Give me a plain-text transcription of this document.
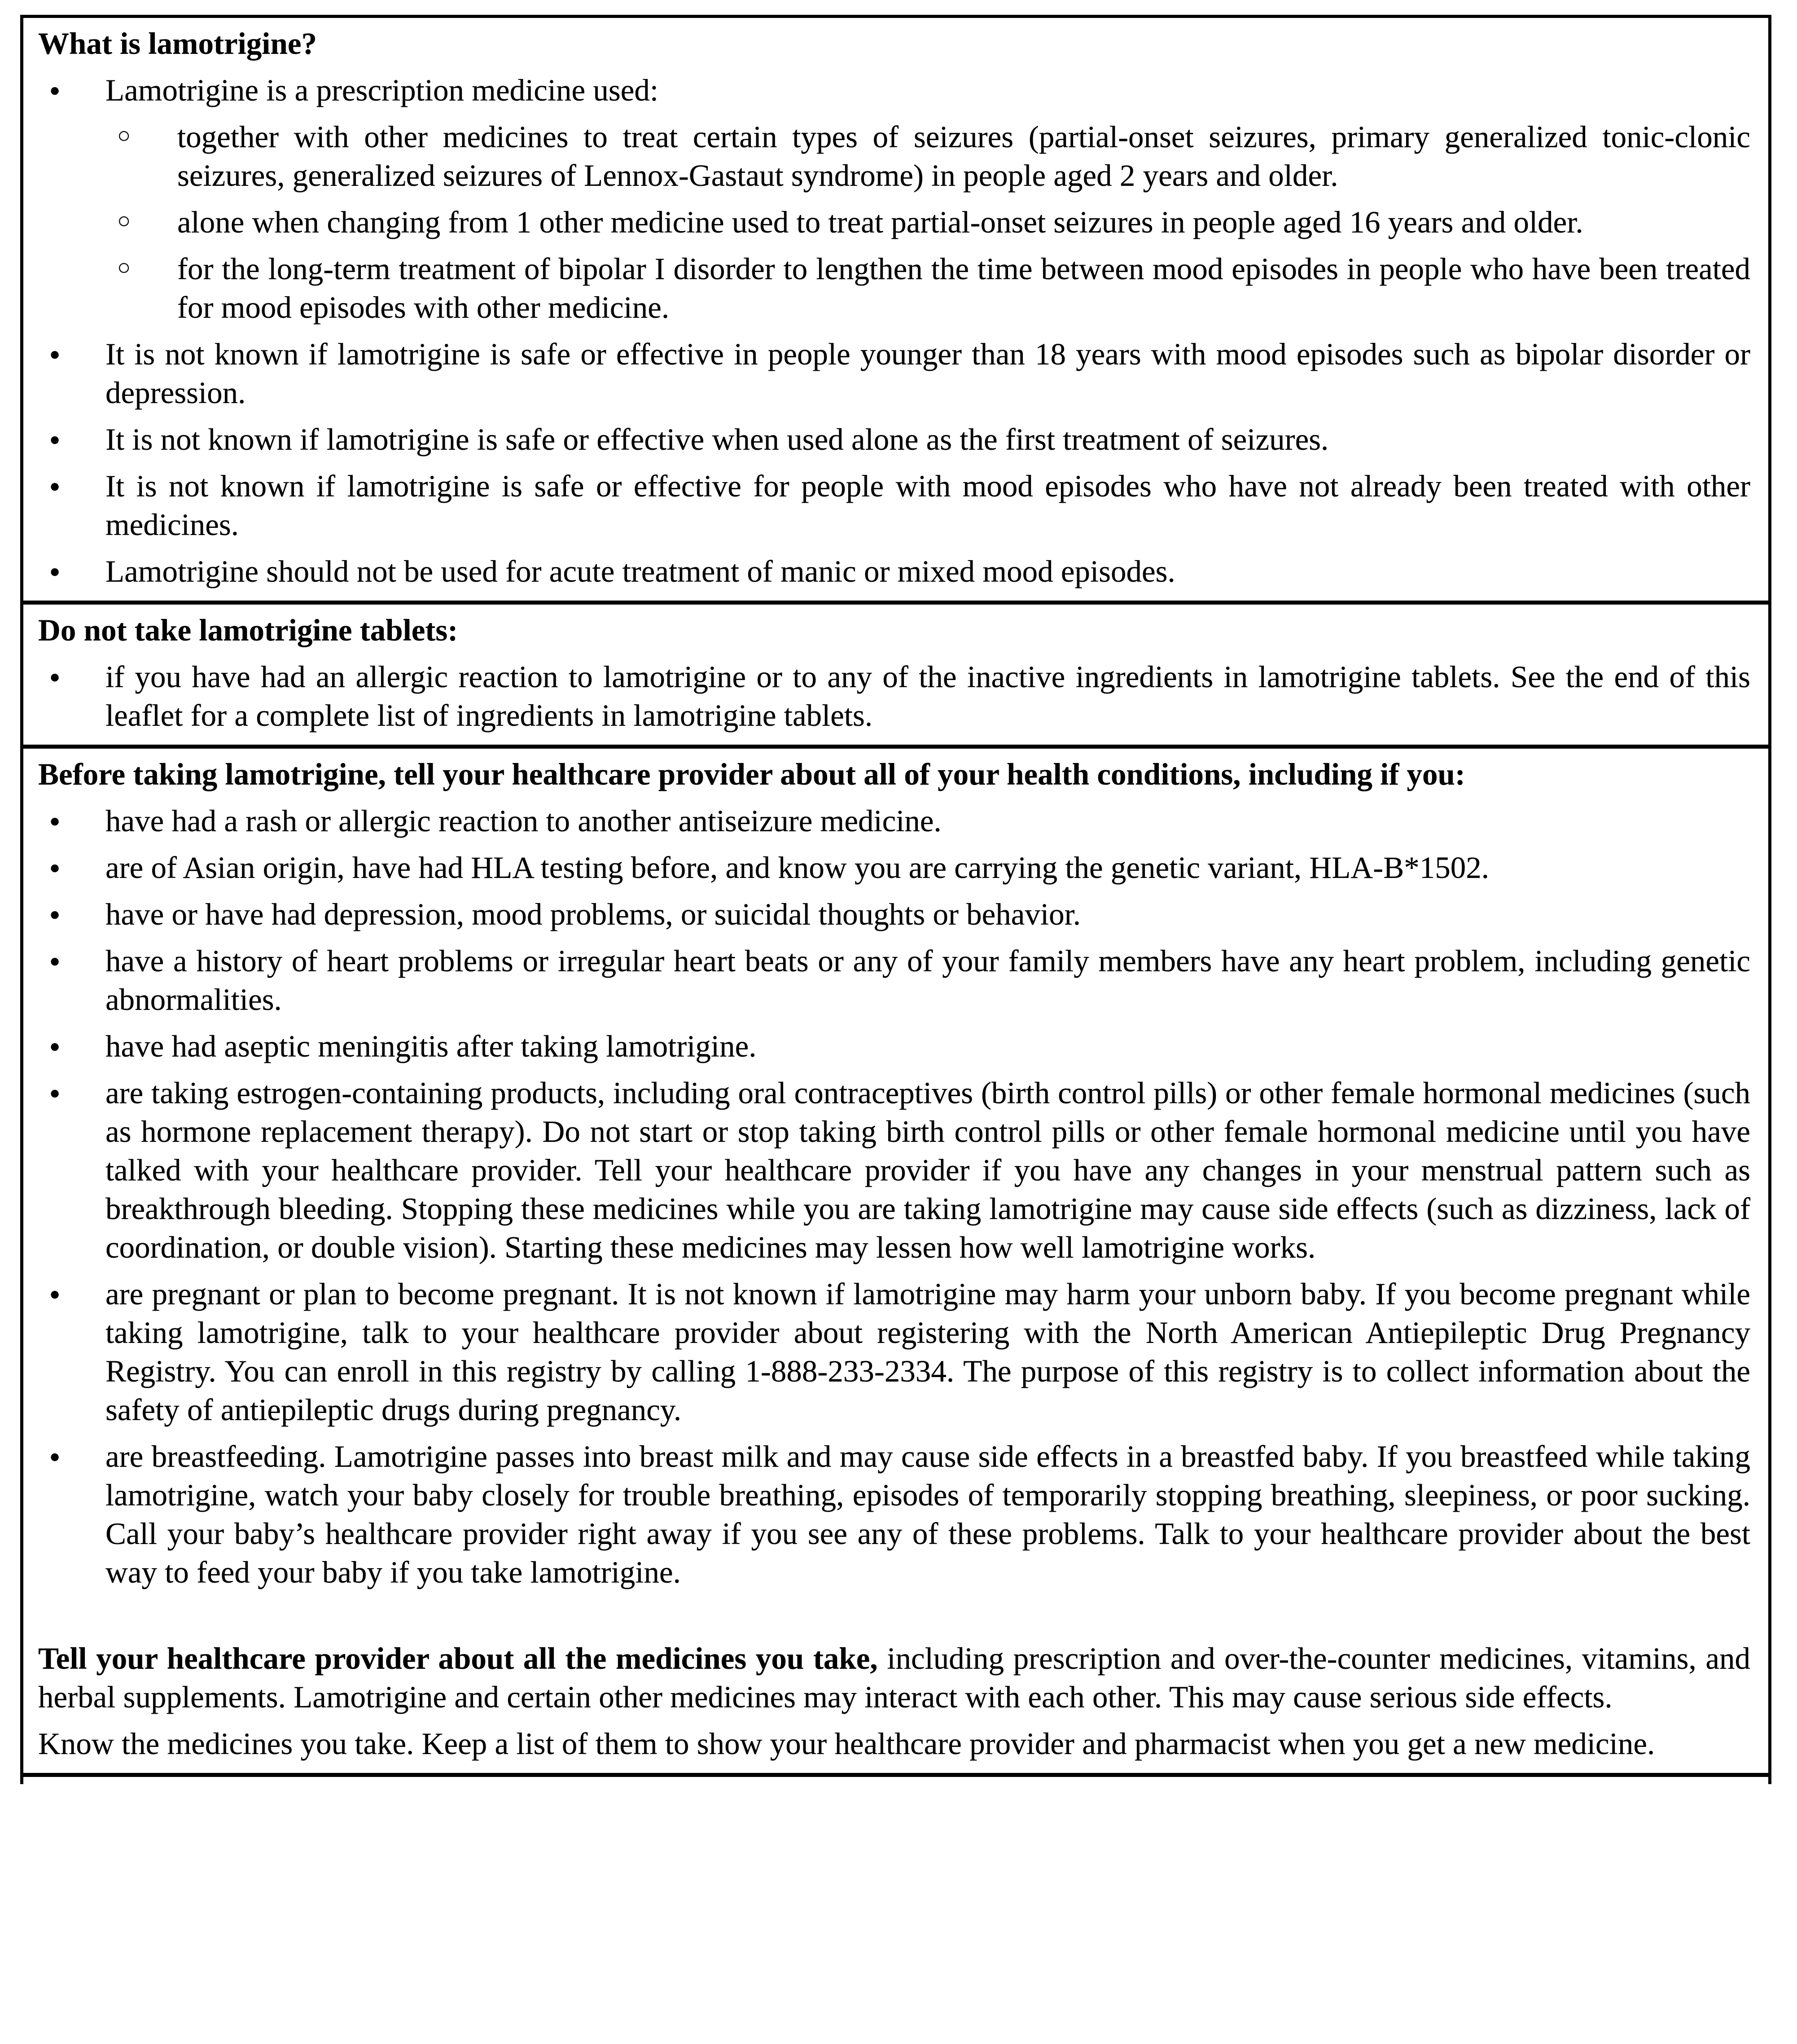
What is lamotrigine?
● Lamotrigine is a prescription medicine used:
○ together with other medicines to treat certain types of seizures (partial-onset seizures, primary generalized tonic-clonic seizures, generalized seizures of Lennox-Gastaut syndrome) in people aged 2 years and older.
○ alone when changing from 1 other medicine used to treat partial-onset seizures in people aged 16 years and older.
○ for the long-term treatment of bipolar I disorder to lengthen the time between mood episodes in people who have been treated for mood episodes with other medicine.
● It is not known if lamotrigine is safe or effective in people younger than 18 years with mood episodes such as bipolar disorder or depression.
● It is not known if lamotrigine is safe or effective when used alone as the first treatment of seizures.
● It is not known if lamotrigine is safe or effective for people with mood episodes who have not already been treated with other medicines.
● Lamotrigine should not be used for acute treatment of manic or mixed mood episodes.
Do not take lamotrigine tablets:
● if you have had an allergic reaction to lamotrigine or to any of the inactive ingredients in lamotrigine tablets. See the end of this leaflet for a complete list of ingredients in lamotrigine tablets.
Before taking lamotrigine, tell your healthcare provider about all of your health conditions, including if you:
● have had a rash or allergic reaction to another antiseizure medicine.
● are of Asian origin, have had HLA testing before, and know you are carrying the genetic variant, HLA-B*1502.
● have or have had depression, mood problems, or suicidal thoughts or behavior.
● have a history of heart problems or irregular heart beats or any of your family members have any heart problem, including genetic abnormalities.
● have had aseptic meningitis after taking lamotrigine.
● are taking estrogen-containing products, including oral contraceptives (birth control pills) or other female hormonal medicines (such as hormone replacement therapy). Do not start or stop taking birth control pills or other female hormonal medicine until you have talked with your healthcare provider. Tell your healthcare provider if you have any changes in your menstrual pattern such as breakthrough bleeding. Stopping these medicines while you are taking lamotrigine may cause side effects (such as dizziness, lack of coordination, or double vision). Starting these medicines may lessen how well lamotrigine works.
● are pregnant or plan to become pregnant. It is not known if lamotrigine may harm your unborn baby. If you become pregnant while taking lamotrigine, talk to your healthcare provider about registering with the North American Antiepileptic Drug Pregnancy Registry. You can enroll in this registry by calling 1-888-233-2334. The purpose of this registry is to collect information about the safety of antiepileptic drugs during pregnancy.
● are breastfeeding. Lamotrigine passes into breast milk and may cause side effects in a breastfed baby. If you breastfeed while taking lamotrigine, watch your baby closely for trouble breathing, episodes of temporarily stopping breathing, sleepiness, or poor sucking. Call your baby’s healthcare provider right away if you see any of these problems. Talk to your healthcare provider about the best way to feed your baby if you take lamotrigine.

Tell your healthcare provider about all the medicines you take, including prescription and over-the-counter medicines, vitamins, and herbal supplements. Lamotrigine and certain other medicines may interact with each other. This may cause serious side effects.

Know the medicines you take. Keep a list of them to show your healthcare provider and pharmacist when you get a new medicine.
